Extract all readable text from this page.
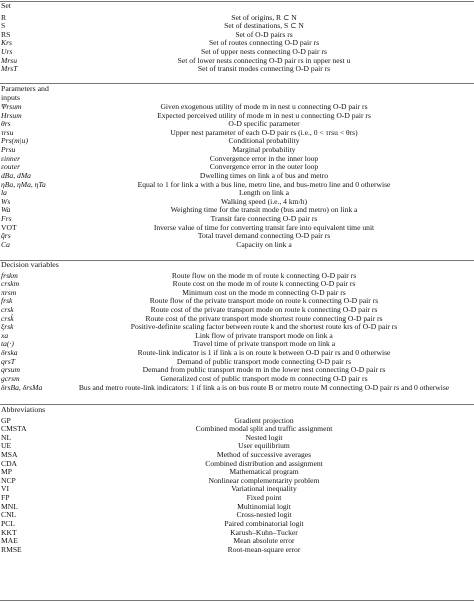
Set
R	Set of origins, R ⊂ N
S	Set of destinations, S ⊂ N
RS	Set of O-D pairs rs
Krs	Set of routes connecting O-D pair rs
Urs	Set of upper nests connecting O-D pair rs
Mrsu	Set of lower nests connecting O-D pair rs in upper nest u
MrsT	Set of transit modes connecting O-D pair rs
Parameters and inputs
Ψrsum	Given exogenous utility of mode m in nest u connecting O-D pair rs
Hrsum	Expected perceived utility of mode m in nest u connecting O-D pair rs
θrs	O-D specific parameter
τrsu	Upper nest parameter of each O-D pair rs (i.e., 0 < τrsu < θrs)
Prs(m|u)	Conditional probability
Prsu	Marginal probability
εinner	Convergence error in the inner loop
εouter	Convergence error in the outer loop
dBa, dMa	Dwelling times on link a of bus and metro
ηBa, ηMa, ηTa	Equal to 1 for link a with a bus line, metro line, and bus-metro line and 0 otherwise
la	Length on link a
Ws	Walking speed (i.e., 4 km/h)
Wa	Weighting time for the transit mode (bus and metro) on link a
Frs	Transit fare connecting O-D pair rs
VOT	Inverse value of time for converting transit fare into equivalent time unit
q̄rs	Total travel demand connecting O-D pair rs
Ca	Capacity on link a
Decision variables
frskm	Route flow on the mode m of route k connecting O-D pair rs
crskm	Route cost on the mode m of route k connecting O-D pair rs
πrsm	Minimum cost on the mode m connecting O-D pair rs
frsk	Route flow of the private transport mode on route k connecting O-D pair rs
crsk	Route cost of the private transport mode on route k connecting O-D pair rs
crsk̂	Route cost of the private transport mode shortest route connecting O-D pair rs
ξrsk	Positive-definite scaling factor between route k and the shortest route k̂rs of O-D pair rs
xa	Link flow of private transport mode on link a
ta(·)	Travel time of private transport mode on link a
δrska	Route-link indicator is 1 if link a is on route k between O-D pair rs and 0 otherwise
qrsT	Demand of public transport mode connecting O-D pair rs
qrsum	Demand from public transport mode m in the lower nest connecting O-D pair rs
gcrsm	Generalized cost of public transport mode m connecting O-D pair rs
δrsBa, δrsMa	Bus and metro route-link indicators: 1 if link a is on bus route B or metro route M connecting O-D pair rs and 0 otherwise
Abbreviations
GP	Gradient projection
CMSTA	Combined modal split and traffic assignment
NL	Nested logit
UE	User equilibrium
MSA	Method of successive averages
CDA	Combined distribution and assignment
MP	Mathematical program
NCP	Nonlinear complementarity problem
VI	Variational inequality
FP	Fixed point
MNL	Multinomial logit
CNL	Cross-nested logit
PCL	Paired combinatorial logit
KKT	Karush–Kuhn–Tucker
MAE	Mean absolute error
RMSE	Root-mean-square error
